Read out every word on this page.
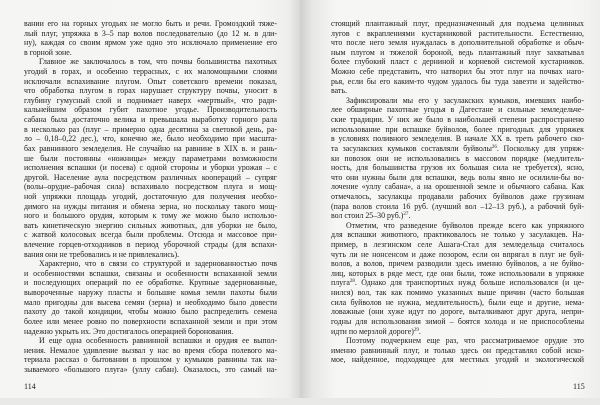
вании его на горных угодьях не могло быть и речи. Громоздкий тяже-
лый плуг, упряжка в 3–5 пар волов последовательно (до 12 м. в дли-
ну), каждая со своим ярмом уже одно это исключало применение его
в горной зоне.
Главное же заключалось в том, что почвы большинства пахотных
угодий в горах, и особенно терраcных, с их маломощными слоями
исключали вспахивание плугом. Опыт советского времени показал,
что обработка плугом в горах нарушает структуру почвы, уносит в
глубину гумусный слой и поднимает наверх «мертвый», что ради-
кальнейшим образом губит пахотное угодье. Производительность
сабана была достаточно велика и превышала выработку горного рала
в несколько раз (плуг – примерно одна десятина за световой день, ра-
ло – 0,18–0,22 дес.), что, конечно же, было необходимо при масшта-
бах равнинного земледелия. Не случайно на равнине в XIX в. и рань-
ше были постоянны «ножницы» между параметрами возможности
исполнения вспашки (и посева) с одной стороны и уборки урожая – с
другой. Население аула посредством различных коопераций – супряг
(волы–орудие–рабочая сила) вспахивало посредством плуга и мощ-
ной упряжки площадь угодий, достаточную для получения необхо-
димого на нужды питания и обмена зерна, но поскольку такого мощ-
ного и большого орудия, которым к тому же можно было использо-
вать кинетическую энергию сильных животных, для уборки не было,
с жатвой колосовых всегда были проблемы. Отсюда и массовое при-
влечение горцев-отходников в период уборочной страды (для вспахи-
вания они не требовались и не привлекались).
Характерно, что в связи со структурой и задернованностью почв
и особенностями вспашки, связаны и особенности вспаханной земли
и последующих операций по ее обработке. Крупные задернованные,
вывороченные наружу пласты и большие комья земли пахоты были
мало пригодны для высева семян (зерна) и необходимо было довести
пахоту до такой кондиции, чтобы можно было распределить семена
более или менее ровно по поверхности вспаханной земли и при этом
надежно укрыть их. Это достигалось операцией боронования.
И еще одна особенность равнинной вспашки и орудия ее выпол-
нения. Немалое удивление вызвал у нас во время сбора полевого ма-
териала рассказ о бытовании в прошлом у кумыков равнины так на-
зываемого «большого плуга» (уллу сабан). Оказалось, это самый на-
114
стоящий плантажный плуг, предназначенный для подъема целинных
лугов с вкраплениями кустарниковой растительности. Естественно,
что после него земля нуждалась в дополнительной обработке и обыч-
ным плугом и тяжелой бороной, ведь плантажный плуг захватывал
более глубокий пласт с дерниной и корневой системой кустарников.
Можно себе представить, что натворил бы этот плуг на почвах наго-
рья, если бы его каким-то чудом удалось бы туда завезти и задейство-
вать.
Зафиксировали мы его у засулакских кумыков, имевших наибо-
лее обширные пахотные угодья в Дагестане и сильные земледельче-
ские традиции. У них же было в наибольшей степени распространено
использование при вспашке буйволов, более пригодных для упряжек
в условиях поливного земледелия. В начале XX в. треть рабочего ско-
та засулакских кумыков составляли буйволы$^{26}$. Поскольку для упряж-
ки повозок они не использовались в массовом порядке (медлитель-
ность, для большинства грузов их большая сила не требуется), ясно,
что они нужны были для вспашки, ведь волы явно не осилили-бы во-
лочение «уллу сабана», а на орошенной земле и обычного сабана. Как
отмечалось, засулакцы продавали рабочих буйволов даже грузинам
(пара волов стоила 16 руб. (лучший вол –12–13 руб.), а рабочий буй-
вол стоил 25–30 руб.)$^{27}$.
Отметим, что разведение буйволов прежде всего как упряжного
для вспашки животного, практиковалось не только у засулакцев. На-
пример, в лезгинском селе Ашага-Стал для земледельца считалось
чуть ли не нонсенсом и даже позором, если он впрягал в плуг не буй-
волов, а волов, причем разводили здесь именно буйволов, а не буйво-
лиц, которых в ряде мест, где они были, тоже использовали в упряжке
плуга$^{28}$. Однако для транспортных нужд больше использовался (и це-
нился) вол, так как помимо указанных выше причин (часто большая
сила буйволов не нужна, медлительность), были еще и другие, нема-
ловажные (они хуже идут по дороге, выталкивают друг друга, непри-
годны для использования зимой – боятся холода и не приспособлены
идти по мерзлой дороге)$^{29}$.
Поэтому подчеркнем еще раз, что рассматриваемое орудие это
именно равнинный плуг, и только здесь он представлял собой иско-
мое, найденное, подходящее для местных угодий и экологической
115
